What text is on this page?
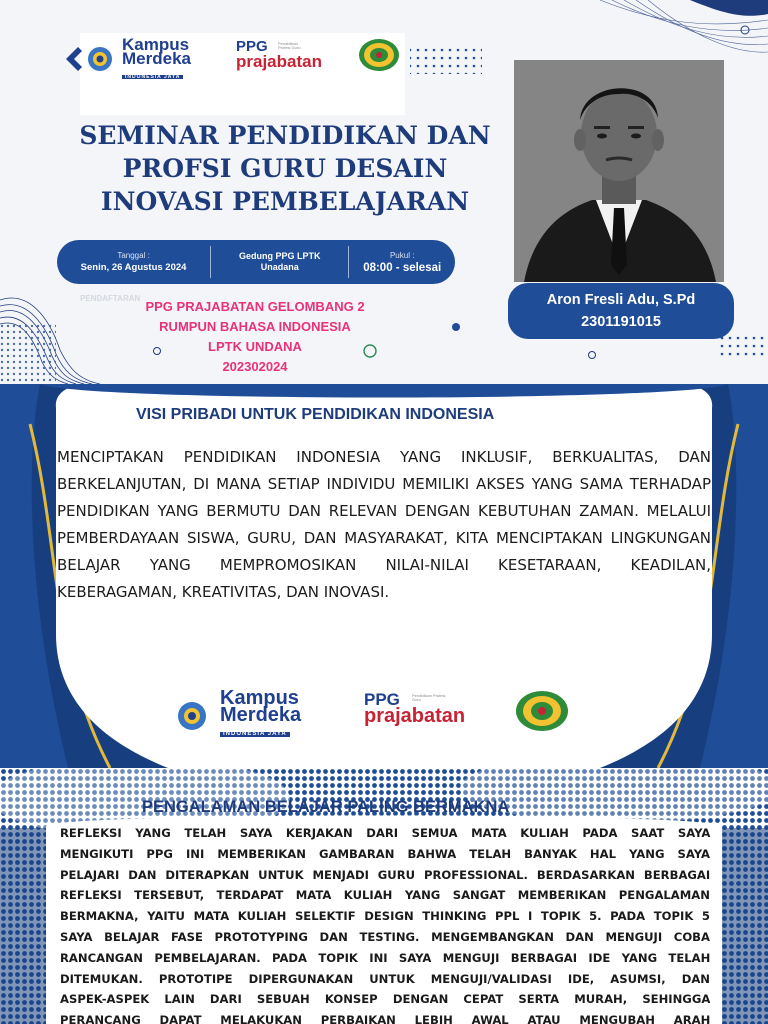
Kampus
Merdeka
INDONESIA JAYA
PPG
prajabatan
Pendidikan Profesi Guru
SEMINAR PENDIDIKAN DAN PROFSI GURU DESAIN INOVASI PEMBELAJARAN
Tanggal :
Senin, 26 Agustus 2024
Gedung PPG LPTK
Unadana
Pukul :
08:00 - selesai
PENDAFTARAN
PPG PRAJABATAN GELOMBANG 2
RUMPUN BAHASA INDONESIA
LPTK UNDANA
202302024
Aron Fresli Adu, S.Pd
2301191015
VISI PRIBADI UNTUK PENDIDIKAN INDONESIA
MENCIPTAKAN PENDIDIKAN INDONESIA YANG INKLUSIF, BERKUALITAS, DAN BERKELANJUTAN, DI MANA SETIAP INDIVIDU MEMILIKI AKSES YANG SAMA TERHADAP PENDIDIKAN YANG BERMUTU DAN RELEVAN DENGAN KEBUTUHAN ZAMAN. MELALUI PEMBERDAYAAN SISWA, GURU, DAN MASYARAKAT, KITA MENCIPTAKAN LINGKUNGAN BELAJAR YANG MEMPROMOSIKAN NILAI-NILAI KESETARAAN, KEADILAN, KEBERAGAMAN, KREATIVITAS, DAN INOVASI.
Kampus
Merdeka
INDONESIA JAYA
PPG
prajabatan
Pendidikan Profesi Guru
PENGALAMAN BELAJAR PALING BERMAKNA
REFLEKSI YANG TELAH SAYA KERJAKAN DARI SEMUA MATA KULIAH PADA SAAT SAYA
MENGIKUTI PPG INI MEMBERIKAN GAMBARAN BAHWA TELAH BANYAK HAL YANG SAYA
PELAJARI DAN DITERAPKAN UNTUK MENJADI GURU PROFESSIONAL. BERDASARKAN BERBAGAI
REFLEKSI TERSEBUT, TERDAPAT MATA KULIAH YANG SANGAT MEMBERIKAN PENGALAMAN
BERMAKNA, YAITU MATA KULIAH SELEKTIF DESIGN THINKING PPL I TOPIK 5. PADA TOPIK 5
SAYA BELAJAR FASE PROTOTYPING DAN TESTING. MENGEMBANGKAN DAN MENGUJI COBA
RANCANGAN PEMBELAJARAN. PADA TOPIK INI SAYA MENGUJI BERBAGAI IDE YANG TELAH
DITEMUKAN. PROTOTIPE DIPERGUNAKAN UNTUK MENGUJI/VALIDASI IDE, ASUMSI, DAN
ASPEK-ASPEK LAIN DARI SEBUAH KONSEP DENGAN CEPAT SERTA MURAH, SEHINGGA
PERANCANG DAPAT MELAKUKAN PERBAIKAN LEBIH AWAL ATAU MENGUBAH ARAH
